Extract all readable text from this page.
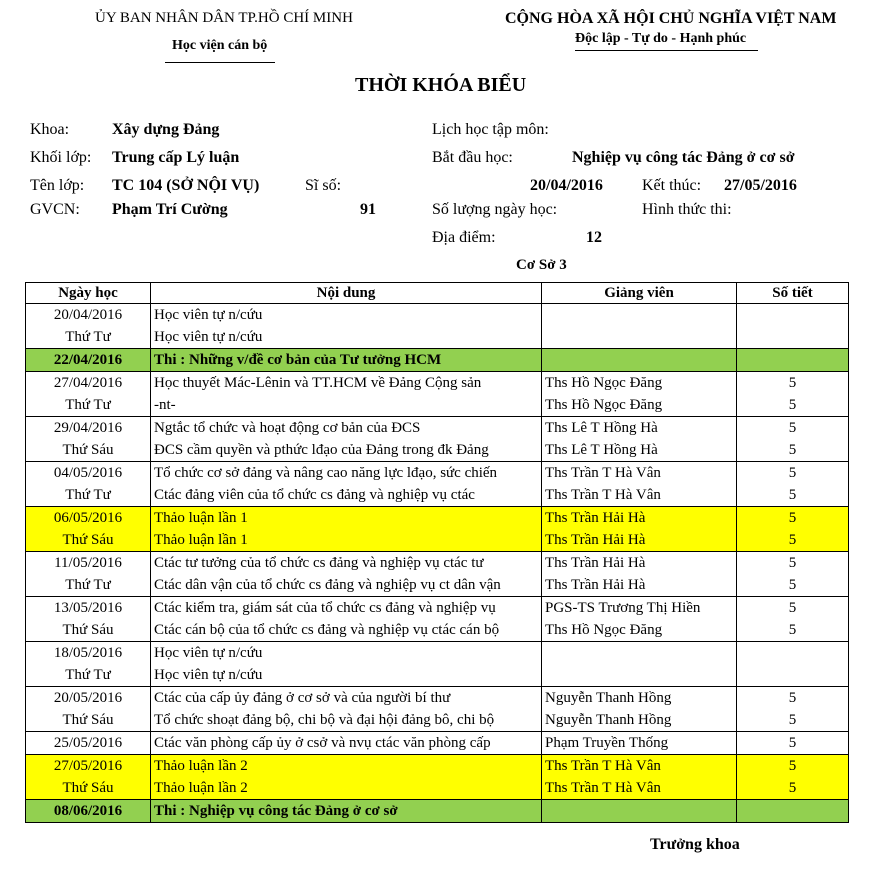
ỦY BAN NHÂN DÂN TP.HỒ CHÍ MINH
Học viện cán bộ
CỘNG HÒA XÃ HỘI CHỦ NGHĨA VIỆT NAM
Độc lập - Tự do - Hạnh phúc
THỜI KHÓA BIỂU
Khoa:	Xây dựng Đảng
Khối lớp: Trung cấp Lý luận
Tên lớp: TC 104 (SỞ NỘI VỤ)	Sĩ số:
GVCN: Phạm Trí Cường	91
Lịch học tập môn:
Bắt đầu học:	Nghiệp vụ công tác Đảng ở cơ sở
20/04/2016 Kết thúc: 27/05/2016
Số lượng ngày học:	Hình thức thi:
Địa điểm:	12
Cơ Sở 3
Ngày học	Nội dung	Giảng viên	Số tiết
20/04/2016	Học viên tự n/cứu		
Thứ Tư	Học viên tự n/cứu		
22/04/2016	Thi : Những v/đề cơ bản của Tư tưởng HCM		
27/04/2016	Học thuyết Mác-Lênin và TT.HCM về Đảng Cộng sản	Ths Hồ Ngọc Đăng	5
Thứ Tư	-nt-	Ths Hồ Ngọc Đăng	5
29/04/2016	Ngtắc tổ chức và hoạt động cơ bản của ĐCS	Ths Lê T Hồng Hà	5
Thứ Sáu	ĐCS cầm quyền và pthức lđạo của Đảng trong đk Đảng	Ths Lê T Hồng Hà	5
04/05/2016	Tổ chức cơ sở đảng và nâng cao năng lực lđạo, sức chiến	Ths Trần T Hà Vân	5
Thứ Tư	Ctác đảng viên của tổ chức cs đảng và nghiệp vụ ctác	Ths Trần T Hà Vân	5
06/05/2016	Thảo luận lần 1	Ths Trần Hải Hà	5
Thứ Sáu	Thảo luận lần 1	Ths Trần Hải Hà	5
11/05/2016	Ctác tư tưởng của tổ chức cs đảng và nghiệp vụ ctác tư	Ths Trần Hải Hà	5
Thứ Tư	Ctác dân vận của tổ chức cs đảng và nghiệp vụ ct dân vận	Ths Trần Hải Hà	5
13/05/2016	Ctác kiểm tra, giám sát của tổ chức cs đảng và nghiệp vụ	PGS-TS Trương Thị Hiền	5
Thứ Sáu	Ctác cán bộ của tổ chức cs đảng và nghiệp vụ ctác cán bộ	Ths Hồ Ngọc Đăng	5
18/05/2016	Học viên tự n/cứu		
Thứ Tư	Học viên tự n/cứu		
20/05/2016	Ctác của cấp ủy đảng ở cơ sở và của người bí thư	Nguyễn Thanh Hồng	5
Thứ Sáu	Tổ chức shoạt đảng bộ, chi bộ và đại hội đảng bô, chi bộ	Nguyễn Thanh Hồng	5
25/05/2016	Ctác văn phòng cấp ủy ở csở và nvụ ctác văn phòng cấp	Phạm Truyền Thống	5
27/05/2016	Thảo luận lần 2	Ths Trần T Hà Vân	5
Thứ Sáu	Thảo luận lần 2	Ths Trần T Hà Vân	5
08/06/2016	Thi : Nghiệp vụ công tác Đảng ở cơ sở		
Trưởng khoa
